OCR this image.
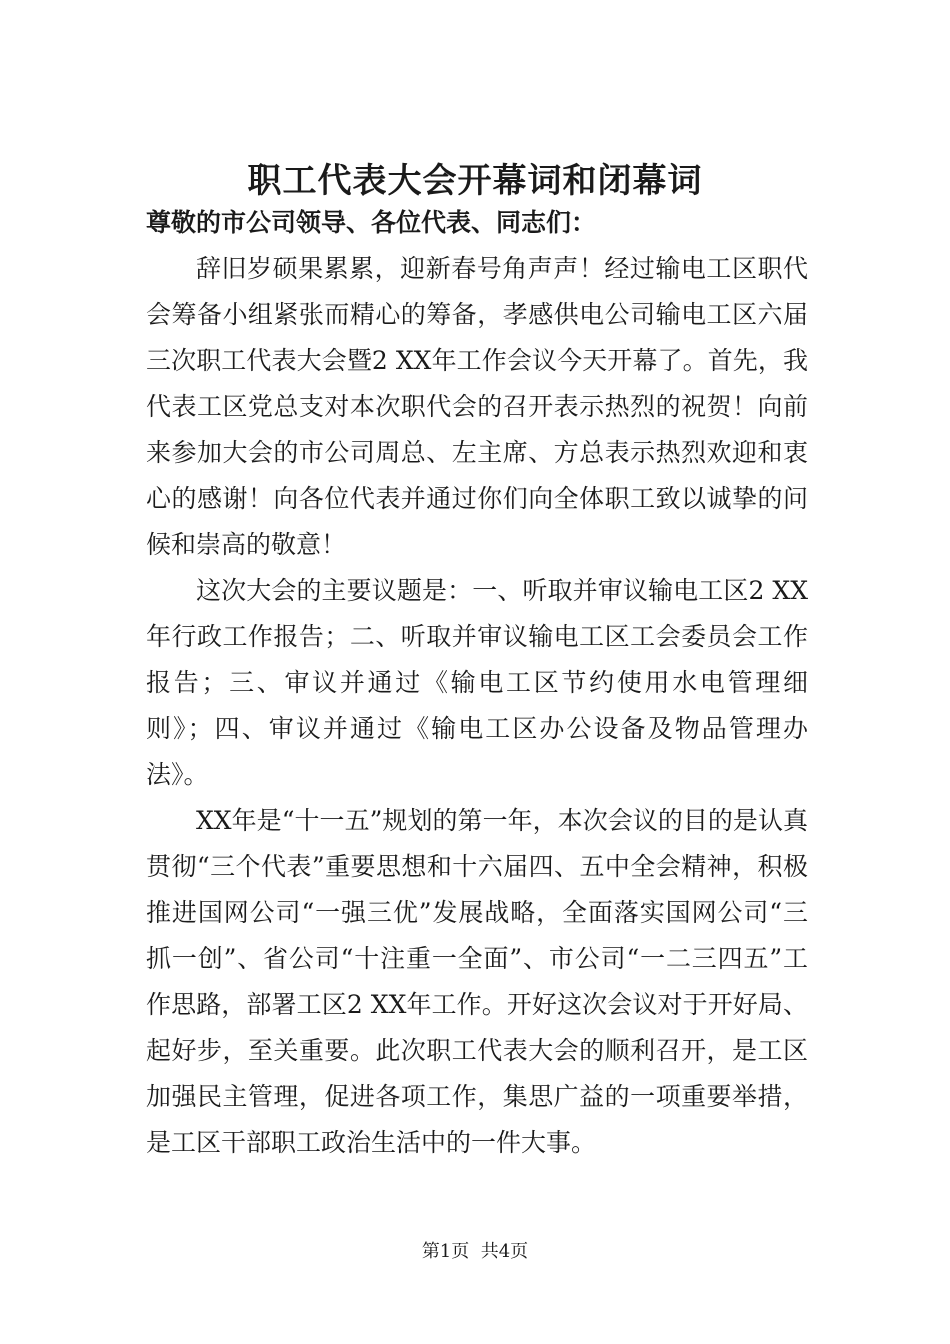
职工代表大会开幕词和闭幕词

尊敬的市公司领导、各位代表、同志们：

辞旧岁硕果累累，迎新春号角声声！经过输电工区职代会筹备小组紧张而精心的筹备，孝感供电公司输电工区六届三次职工代表大会暨2 XX年工作会议今天开幕了。首先，我代表工区党总支对本次职代会的召开表示热烈的祝贺！向前来参加大会的市公司周总、左主席、方总表示热烈欢迎和衷心的感谢！向各位代表并通过你们向全体职工致以诚挚的问候和崇高的敬意！

这次大会的主要议题是：一、听取并审议输电工区2 XX年行政工作报告；二、听取并审议输电工区工会委员会工作报告；三、审议并通过《输电工区节约使用水电管理细则》；四、审议并通过《输电工区办公设备及物品管理办法》。

XX年是“十一五”规划的第一年，本次会议的目的是认真贯彻“三个代表”重要思想和十六届四、五中全会精神，积极推进国网公司“一强三优”发展战略，全面落实国网公司“三抓一创”、省公司“十注重一全面”、市公司“一二三四五”工作思路，部署工区2 XX年工作。开好这次会议对于开好局、起好步，至关重要。此次职工代表大会的顺利召开，是工区加强民主管理，促进各项工作，集思广益的一项重要举措，是工区干部职工政治生活中的一件大事。

第1页  共4页
